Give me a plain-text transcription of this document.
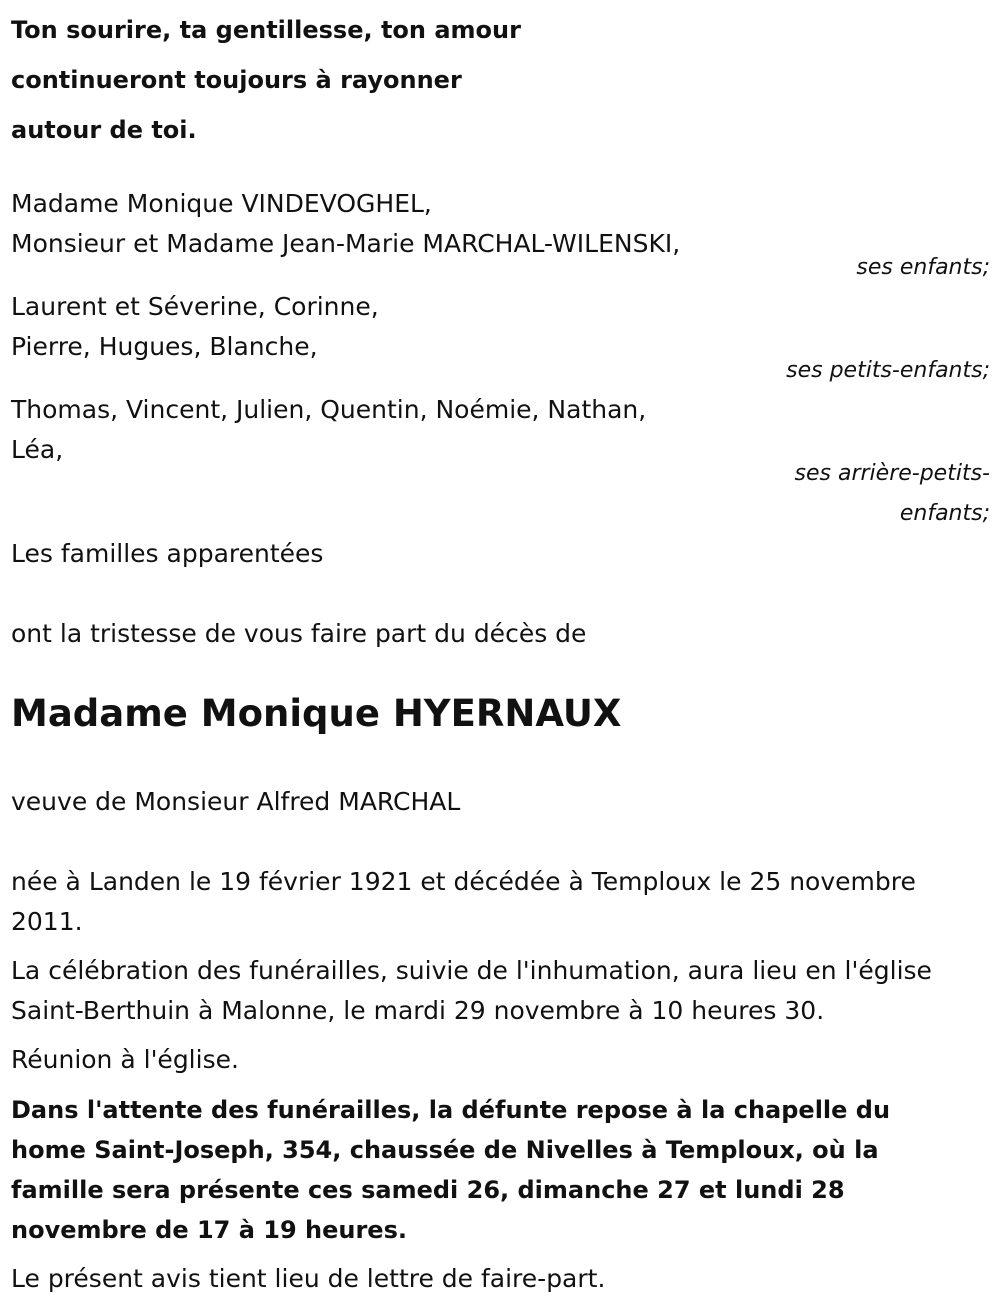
Ton sourire, ta gentillesse, ton amour
continueront toujours à rayonner
autour de toi.
Madame Monique VINDEVOGHEL,
Monsieur et Madame Jean-Marie MARCHAL-WILENSKI,
ses enfants;
Laurent et Séverine, Corinne,
Pierre, Hugues, Blanche,
ses petits-enfants;
Thomas, Vincent, Julien, Quentin, Noémie, Nathan,
Léa,
ses arrière-petits-
enfants;
Les familles apparentées
ont la tristesse de vous faire part du décès de
Madame Monique HYERNAUX
veuve de Monsieur Alfred MARCHAL
née à Landen le 19 février 1921 et décédée à Temploux le 25 novembre
2011.
La célébration des funérailles, suivie de l'inhumation, aura lieu en l'église
Saint-Berthuin à Malonne, le mardi 29 novembre à 10 heures 30.
Réunion à l'église.
Dans l'attente des funérailles, la défunte repose à la chapelle du
home Saint-Joseph, 354, chaussée de Nivelles à Temploux, où la
famille sera présente ces samedi 26, dimanche 27 et lundi 28
novembre de 17 à 19 heures.
Le présent avis tient lieu de lettre de faire-part.
